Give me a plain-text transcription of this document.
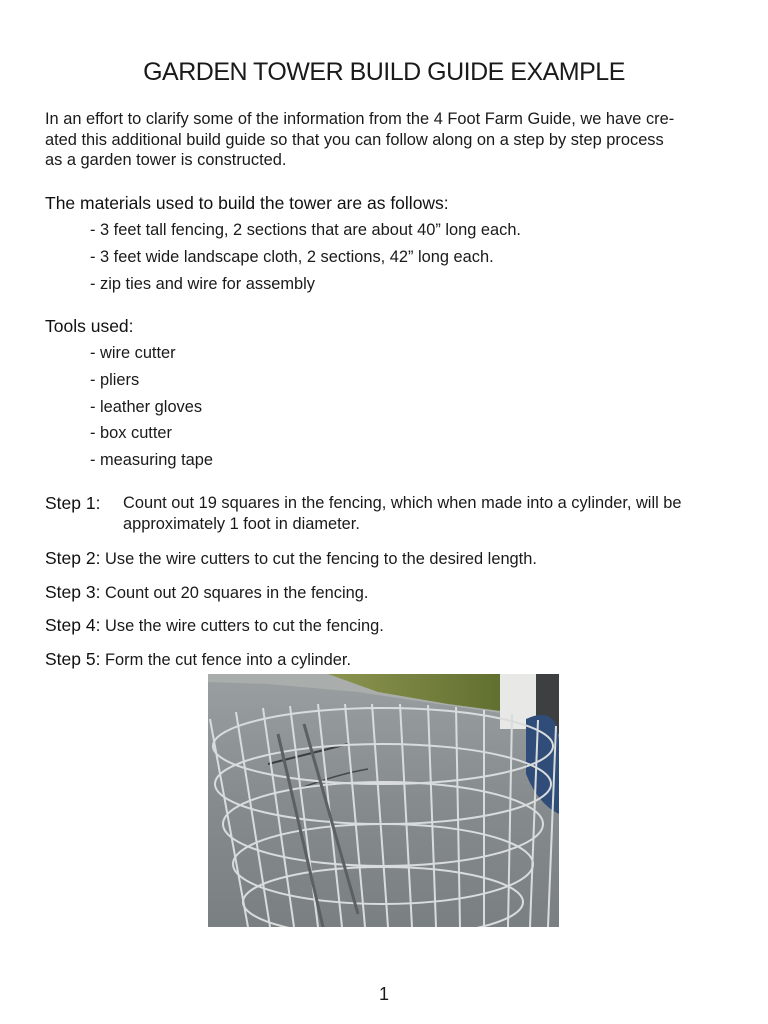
GARDEN TOWER BUILD GUIDE EXAMPLE
In an effort to clarify some of the information from the 4 Foot Farm Guide, we have cre-
ated this additional build guide so that you can follow along on a step by step process
as a garden tower is constructed.
The materials used to build the tower are as follows:
- 3 feet tall fencing, 2 sections that are about 40” long each.
- 3 feet wide landscape cloth, 2 sections, 42” long each.
- zip ties and wire for assembly
Tools used:
- wire cutter
- pliers
- leather gloves
- box cutter
- measuring tape
Step 1:	Count out 19 squares in the fencing, which when made into a cylinder, will be
approximately 1 foot in diameter.
Step 2: Use the wire cutters to cut the fencing to the desired length.
Step 3: Count out 20 squares in the fencing.
Step 4: Use the wire cutters to cut the fencing.
Step 5: Form the cut fence into a cylinder.
1
